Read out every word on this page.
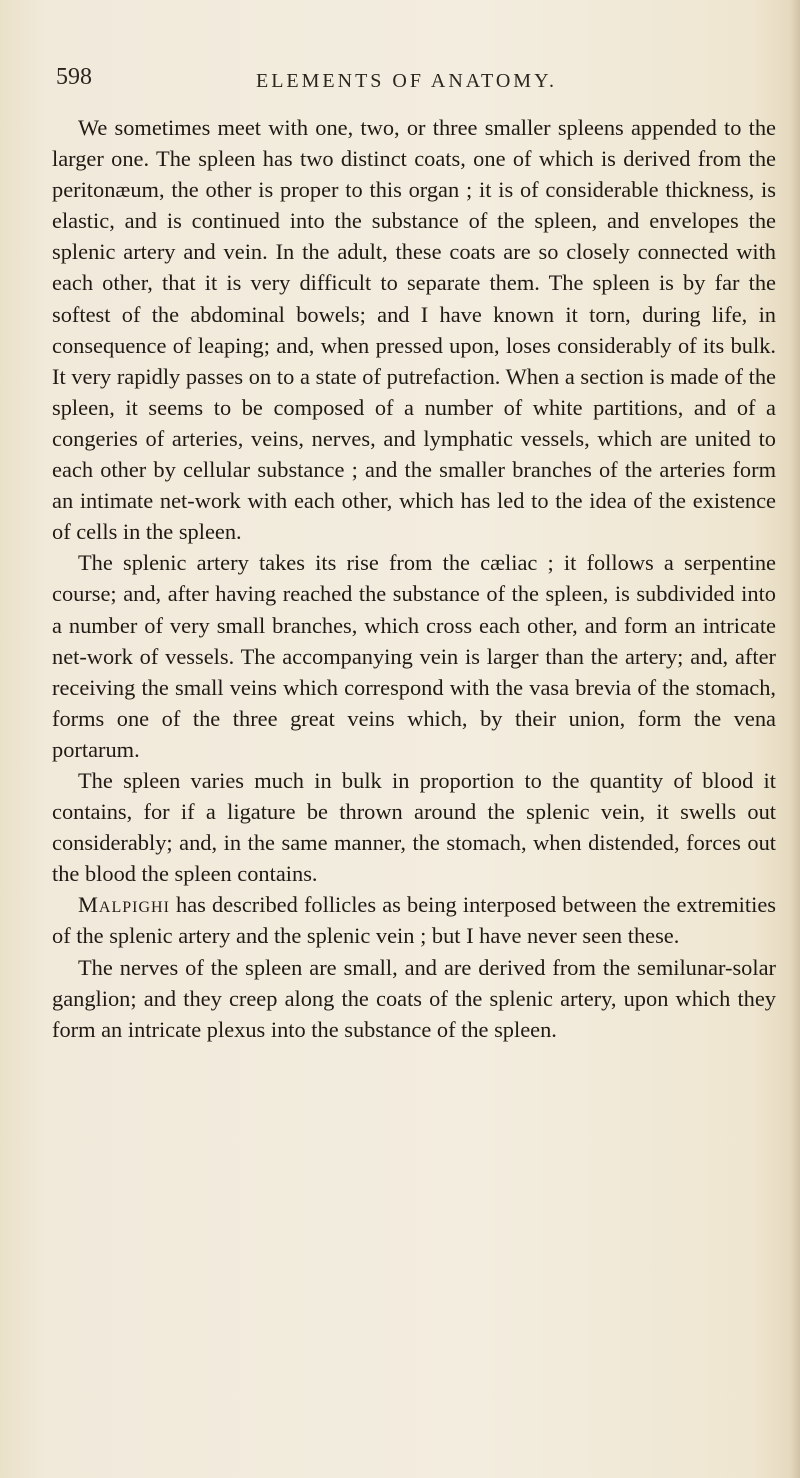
598	ELEMENTS OF ANATOMY.

We sometimes meet with one, two, or three smaller spleens appended to the larger one. The spleen has two distinct coats, one of which is derived from the peritonæum, the other is proper to this organ ; it is of considerable thickness, is elastic, and is continued into the substance of the spleen, and envelopes the splenic artery and vein. In the adult, these coats are so closely connected with each other, that it is very difficult to separate them. The spleen is by far the softest of the abdominal bowels; and I have known it torn, during life, in consequence of leaping; and, when pressed upon, loses considerably of its bulk. It very rapidly passes on to a state of putrefaction. When a section is made of the spleen, it seems to be composed of a number of white partitions, and of a congeries of arteries, veins, nerves, and lymphatic vessels, which are united to each other by cellular substance ; and the smaller branches of the arteries form an intimate net-work with each other, which has led to the idea of the existence of cells in the spleen.

The splenic artery takes its rise from the cæliac ; it follows a serpentine course; and, after having reached the substance of the spleen, is subdivided into a number of very small branches, which cross each other, and form an intricate net-work of vessels. The accompanying vein is larger than the artery; and, after receiving the small veins which correspond with the vasa brevia of the stomach, forms one of the three great veins which, by their union, form the vena portarum.

The spleen varies much in bulk in proportion to the quantity of blood it contains, for if a ligature be thrown around the splenic vein, it swells out considerably; and, in the same manner, the stomach, when distended, forces out the blood the spleen contains.

Malpighi has described follicles as being interposed between the extremities of the splenic artery and the splenic vein ; but I have never seen these.

The nerves of the spleen are small, and are derived from the semilunar-solar ganglion; and they creep along the coats of the splenic artery, upon which they form an intricate plexus into the substance of the spleen.
